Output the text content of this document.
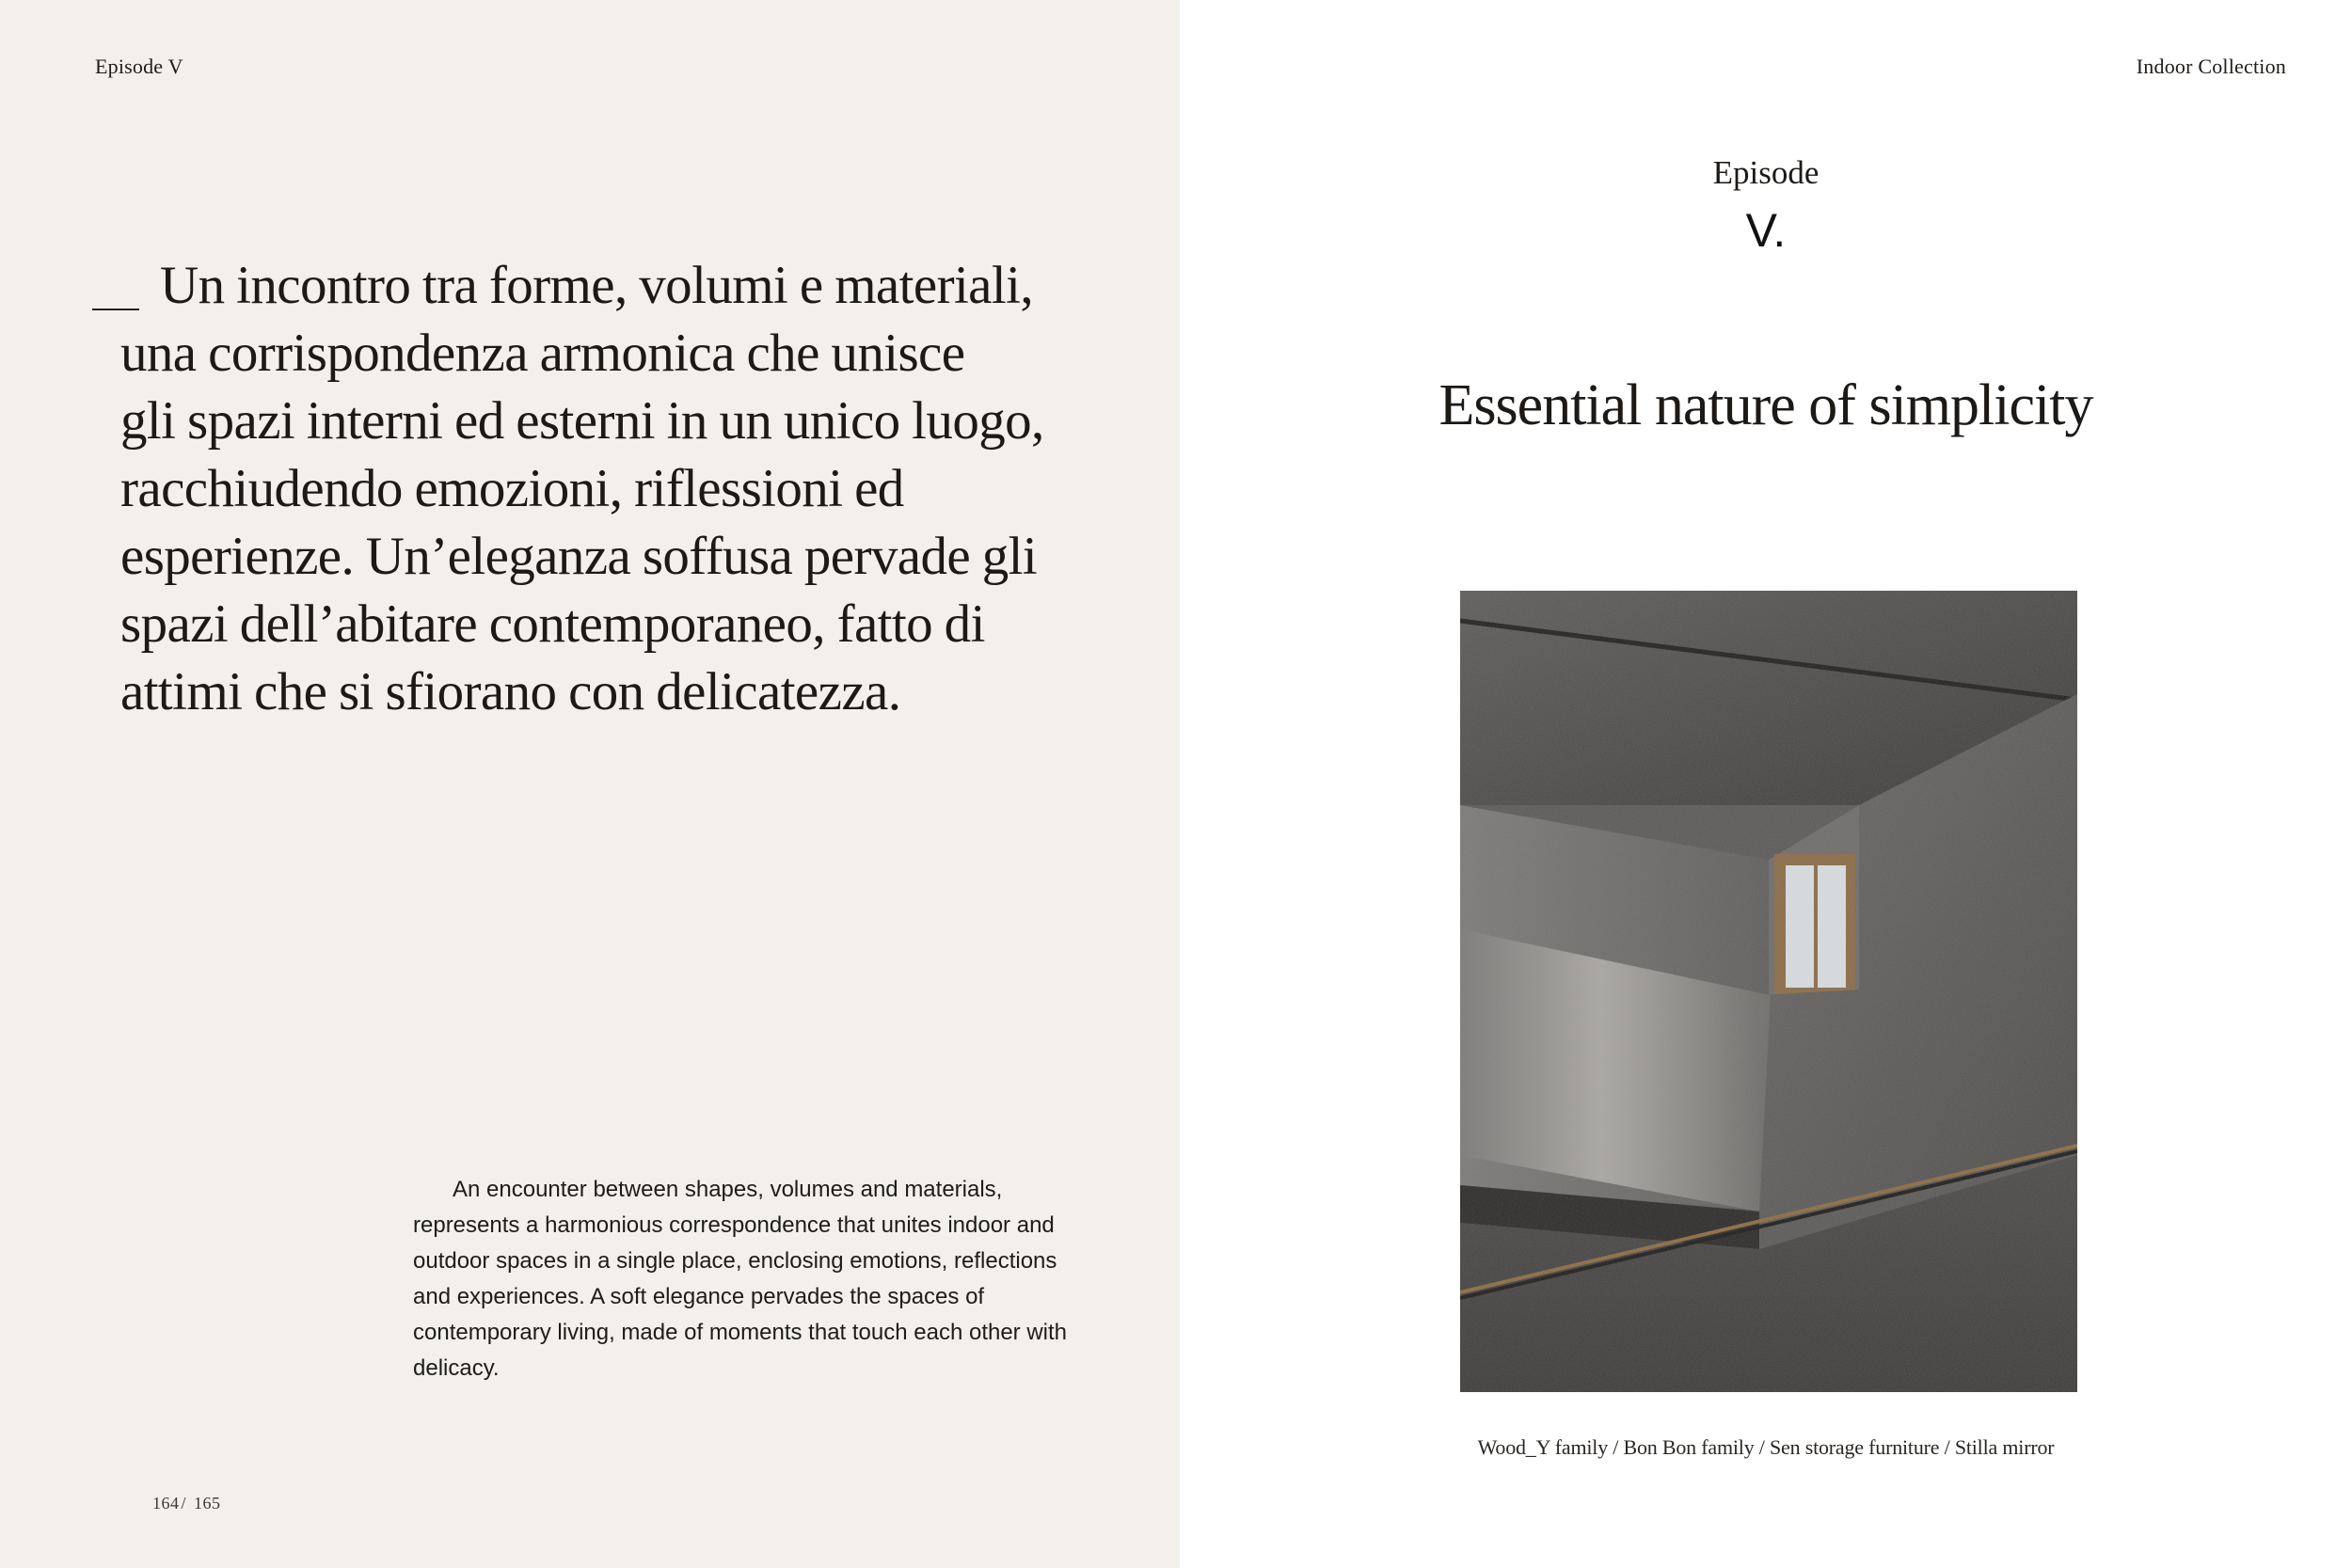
Episode V
Un incontro tra forme, volumi e materiali,
una corrispondenza armonica che unisce
gli spazi interni ed esterni in un unico luogo,
racchiudendo emozioni, riflessioni ed
esperienze. Un’eleganza soffusa pervade gli
spazi dell’abitare contemporaneo, fatto di
attimi che si sfiorano con delicatezza.

An encounter between shapes, volumes and materials, represents a harmonious correspondence that unites indoor and outdoor spaces in a single place, enclosing emotions, reflections and experiences. A soft elegance pervades the spaces of contemporary living, made of moments that touch each other with delicacy.

164 / 165
Indoor Collection
Episode
V.
Essential nature of simplicity
Wood_Y family / Bon Bon family / Sen storage furniture / Stilla mirror
